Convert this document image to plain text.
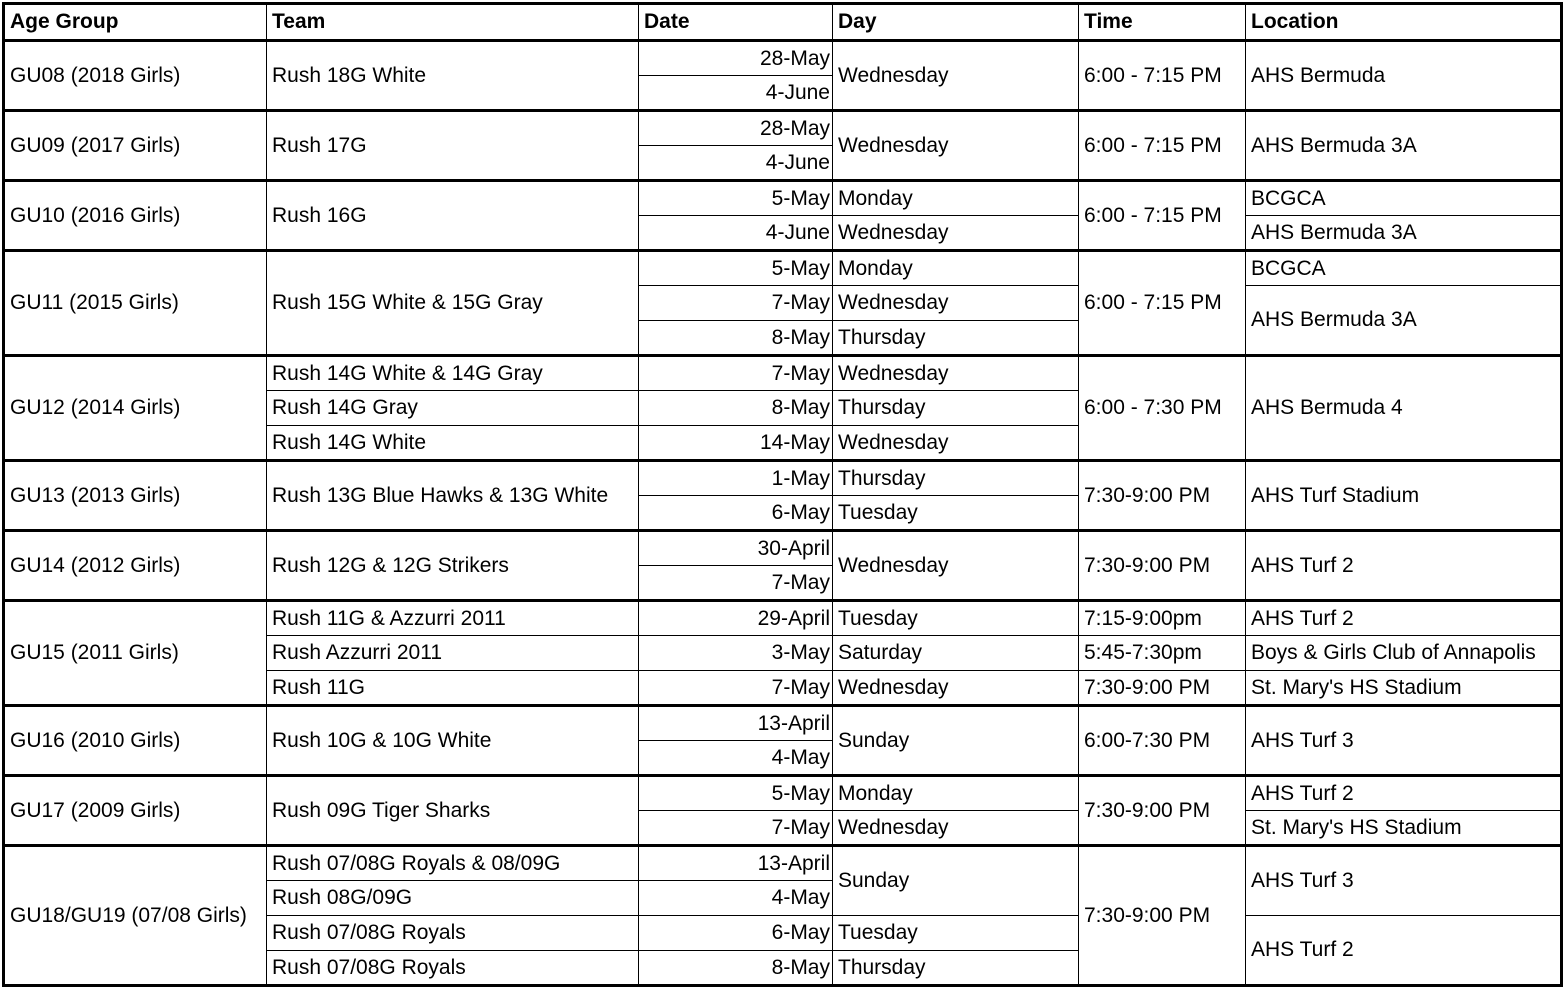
Age Group	Team	Date	Day	Time	Location
GU08 (2018 Girls)	Rush 18G White	28-May	Wednesday	6:00 - 7:15 PM	AHS Bermuda
		4-June			
GU09 (2017 Girls)	Rush 17G	28-May	Wednesday	6:00 - 7:15 PM	AHS Bermuda 3A
		4-June			
GU10 (2016 Girls)	Rush 16G	5-May	Monday	6:00 - 7:15 PM	BCGCA
		4-June	Wednesday		AHS Bermuda 3A
GU11 (2015 Girls)	Rush 15G White & 15G Gray	5-May	Monday	6:00 - 7:15 PM	BCGCA
		7-May	Wednesday		AHS Bermuda 3A
		8-May	Thursday		
GU12 (2014 Girls)	Rush 14G White & 14G Gray	7-May	Wednesday	6:00 - 7:30 PM	AHS Bermuda 4
	Rush 14G Gray	8-May	Thursday		
	Rush 14G White	14-May	Wednesday		
GU13 (2013 Girls)	Rush 13G Blue Hawks & 13G White	1-May	Thursday	7:30-9:00 PM	AHS Turf Stadium
		6-May	Tuesday		
GU14 (2012 Girls)	Rush 12G & 12G Strikers	30-April	Wednesday	7:30-9:00 PM	AHS Turf 2
		7-May			
GU15 (2011 Girls)	Rush 11G & Azzurri 2011	29-April	Tuesday	7:15-9:00pm	AHS Turf 2
	Rush Azzurri 2011	3-May	Saturday	5:45-7:30pm	Boys & Girls Club of Annapolis
	Rush 11G	7-May	Wednesday	7:30-9:00 PM	St. Mary's HS Stadium
GU16 (2010 Girls)	Rush 10G & 10G White	13-April	Sunday	6:00-7:30 PM	AHS Turf 3
		4-May			
GU17 (2009 Girls)	Rush 09G Tiger Sharks	5-May	Monday	7:30-9:00 PM	AHS Turf 2
		7-May	Wednesday		St. Mary's HS Stadium
GU18/GU19 (07/08 Girls)	Rush 07/08G Royals & 08/09G	13-April	Sunday	7:30-9:00 PM	AHS Turf 3
	Rush 08G/09G	4-May			
	Rush 07/08G Royals	6-May	Tuesday		AHS Turf 2
	Rush 07/08G Royals	8-May	Thursday		
